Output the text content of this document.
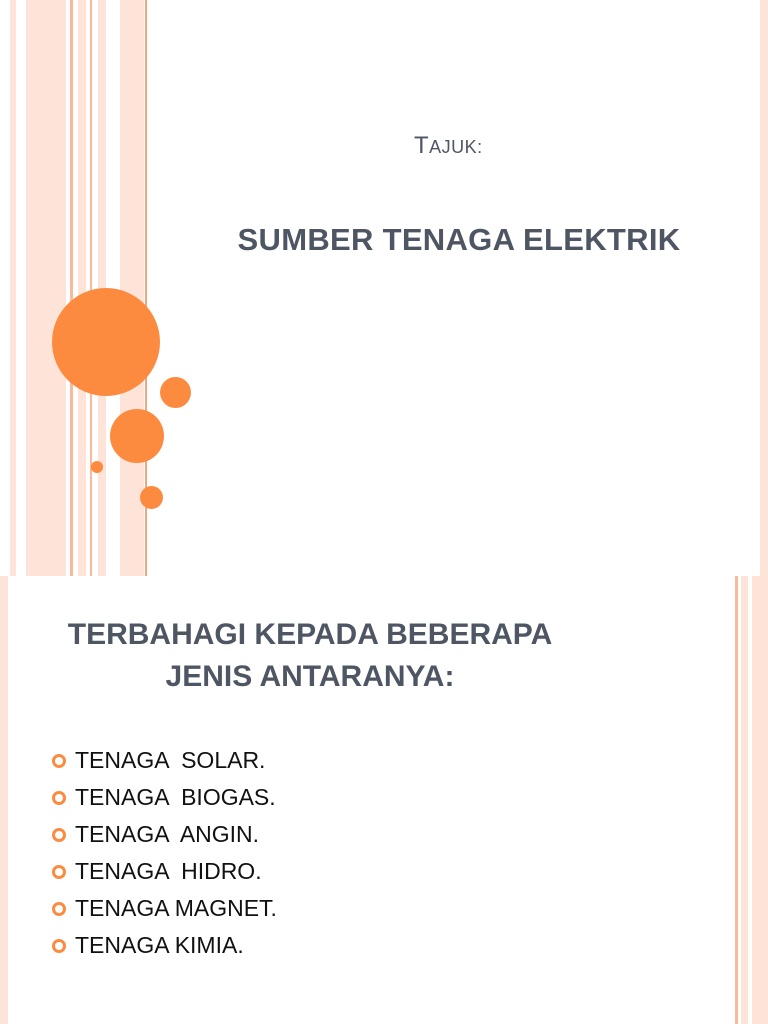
TAJUK:
SUMBER TENAGA ELEKTRIK
TERBAHAGI KEPADA BEBERAPA
JENIS ANTARANYA:
TENAGA  SOLAR.
TENAGA  BIOGAS.
TENAGA  ANGIN.
TENAGA  HIDRO.
TENAGA MAGNET.
TENAGA KIMIA.
